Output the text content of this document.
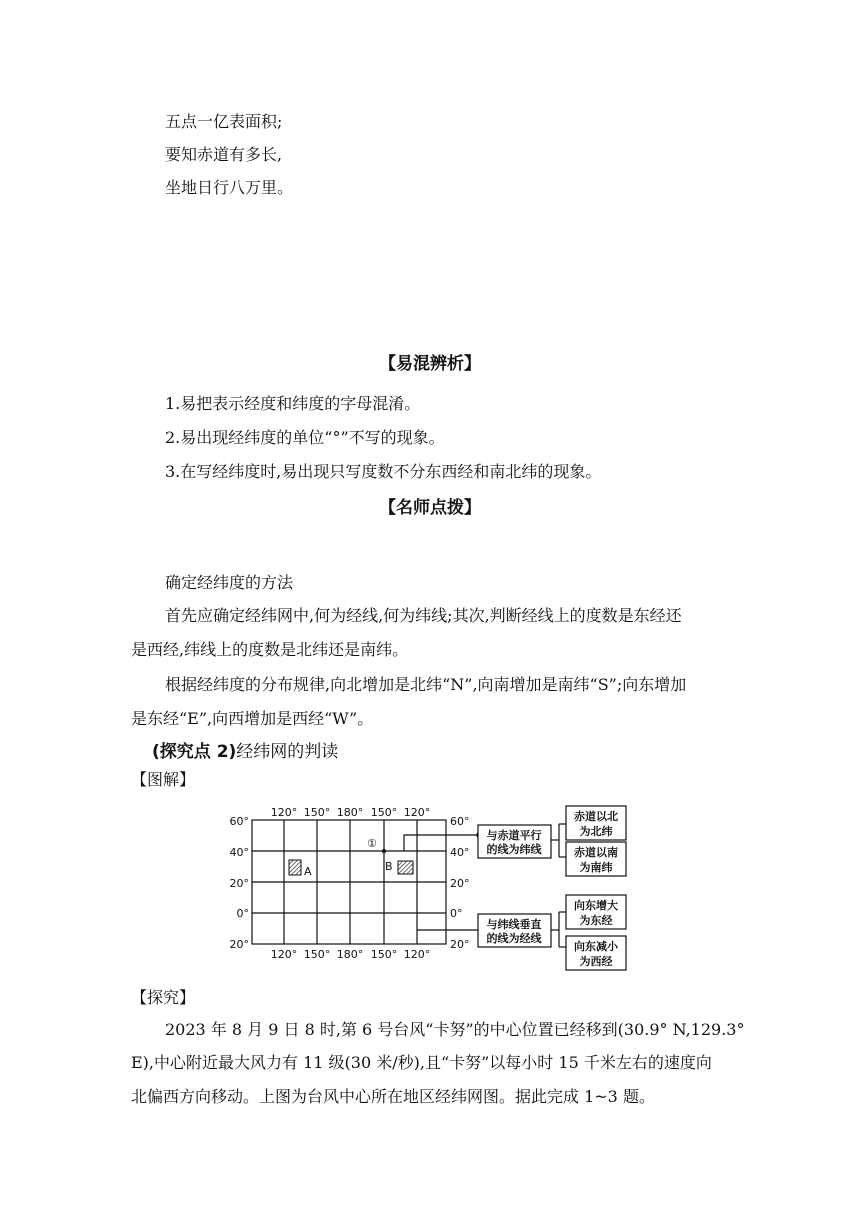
五点一亿表面积;
要知赤道有多长,
坐地日行八万里。
【易混辨析】
1.易把表示经度和纬度的字母混淆。
2.易出现经纬度的单位“°”不写的现象。
3.在写经纬度时,易出现只写度数不分东西经和南北纬的现象。
【名师点拨】
确定经纬度的方法
首先应确定经纬网中,何为经线,何为纬线;其次,判断经线上的度数是东经还
是西经,纬线上的度数是北纬还是南纬。
根据经纬度的分布规律,向北增加是北纬“N”,向南增加是南纬“S”;向东增加
是东经“E”,向西增加是西经“W”。
(探究点 2)经纬网的判读
【图解】
120° 150° 180° 150° 120°
120° 150° 180° 150° 120°
60°
40°
20°
0°
20°
60°
40°
20°
0°
20°
A	B
①
与赤道平行
的线为纬线
赤道以北
为北纬
赤道以南
为南纬
与纬线垂直
的线为经线
向东增大
为东经
向东减小
为西经
【探究】
2023 年 8 月 9 日 8 时,第 6 号台风“卡努”的中心位置已经移到(30.9° N,129.3°
E),中心附近最大风力有 11 级(30 米/秒),且“卡努”以每小时 15 千米左右的速度向
北偏西方向移动。上图为台风中心所在地区经纬网图。据此完成 1~3 题。
